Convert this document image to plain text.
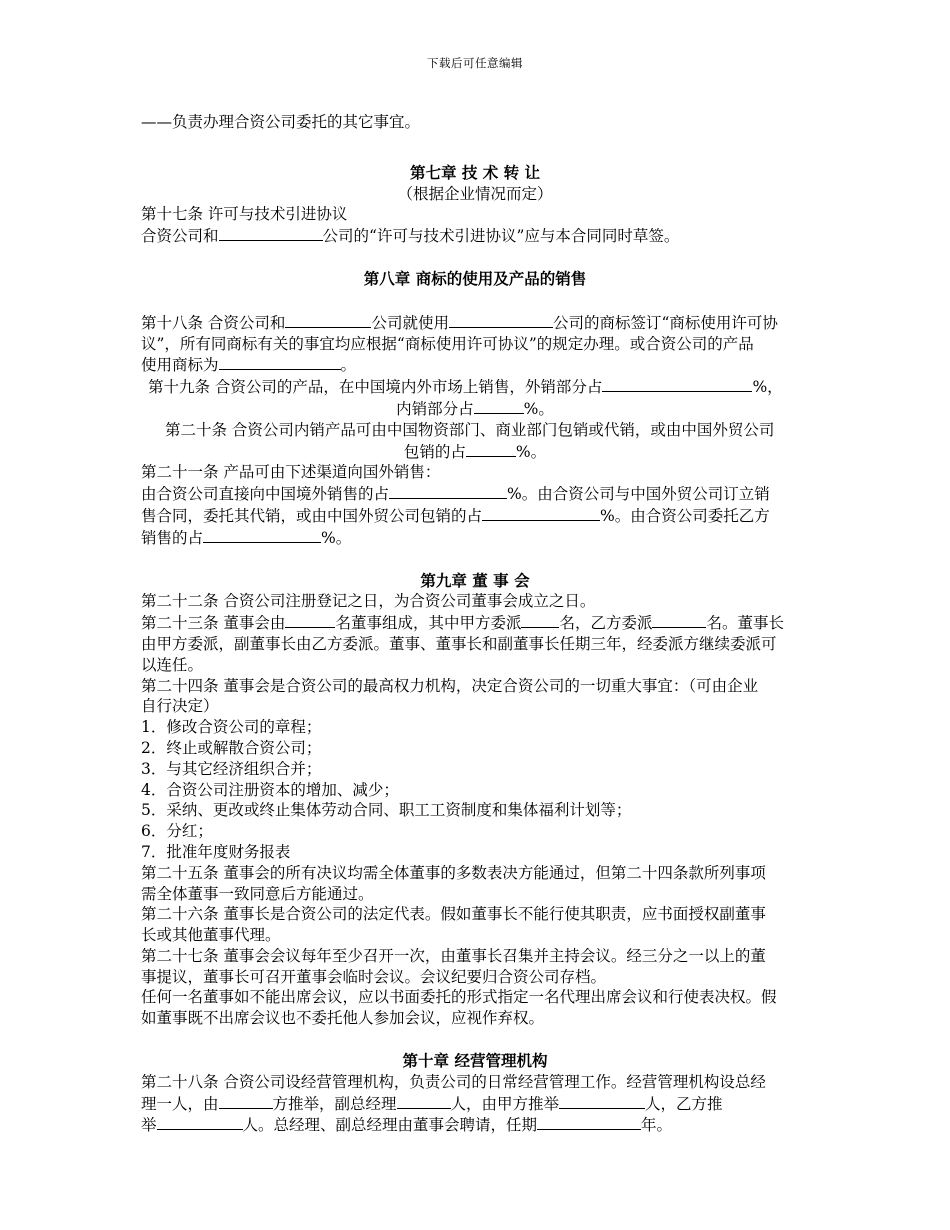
下载后可任意编辑

——负责办理合资公司委托的其它事宜。

第七章 技 术 转 让

（根据企业情况而定）

第十七条 许可与技术引进协议

合资公司和	公司的“许可与技术引进协议”应与本合同同时草签。

第八章 商标的使用及产品的销售

第十八条 合资公司和	公司就使用	公司的商标签订“商标使用许可协

议”，所有同商标有关的事宜均应根据“商标使用许可协议”的规定办理。或合资公司的产品

使用商标为	。

第十九条 合资公司的产品，在中国境内外市场上销售，外销部分占	%，

内销部分占	%。

第二十条 合资公司内销产品可由中国物资部门、商业部门包销或代销，或由中国外贸公司

包销的占	%。

第二十一条 产品可由下述渠道向国外销售：

由合资公司直接向中国境外销售的占	%。由合资公司与中国外贸公司订立销

售合同，委托其代销，或由中国外贸公司包销的占	%。由合资公司委托乙方

销售的占	%。

第九章 董 事 会

第二十二条 合资公司注册登记之日，为合资公司董事会成立之日。

第二十三条 董事会由	名董事组成，其中甲方委派 名，乙方委派	名。董事长

由甲方委派，副董事长由乙方委派。董事、董事长和副董事长任期三年，经委派方继续委派可

以连任。

第二十四条 董事会是合资公司的最高权力机构，决定合资公司的一切重大事宜：（可由企业

自行决定）

1．修改合资公司的章程；

2．终止或解散合资公司；

3．与其它经济组织合并；

4．合资公司注册资本的增加、减少；

5．采纳、更改或终止集体劳动合同、职工工资制度和集体福利计划等；

6．分红；

7．批准年度财务报表

第二十五条 董事会的所有决议均需全体董事的多数表决方能通过，但第二十四条款所列事项

需全体董事一致同意后方能通过。

第二十六条 董事长是合资公司的法定代表。假如董事长不能行使其职责，应书面授权副董事

长或其他董事代理。

第二十七条 董事会会议每年至少召开一次，由董事长召集并主持会议。经三分之一以上的董

事提议，董事长可召开董事会临时会议。会议纪要归合资公司存档。

任何一名董事如不能出席会议，应以书面委托的形式指定一名代理出席会议和行使表决权。假

如董事既不出席会议也不委托他人参加会议，应视作弃权。

第十章 经营管理机构

第二十八条 合资公司设经营管理机构，负责公司的日常经营管理工作。经营管理机构设总经

理一人，由	方推举，副总经理	人，由甲方推举	人，乙方推

举	人。总经理、副总经理由董事会聘请，任期	年。
